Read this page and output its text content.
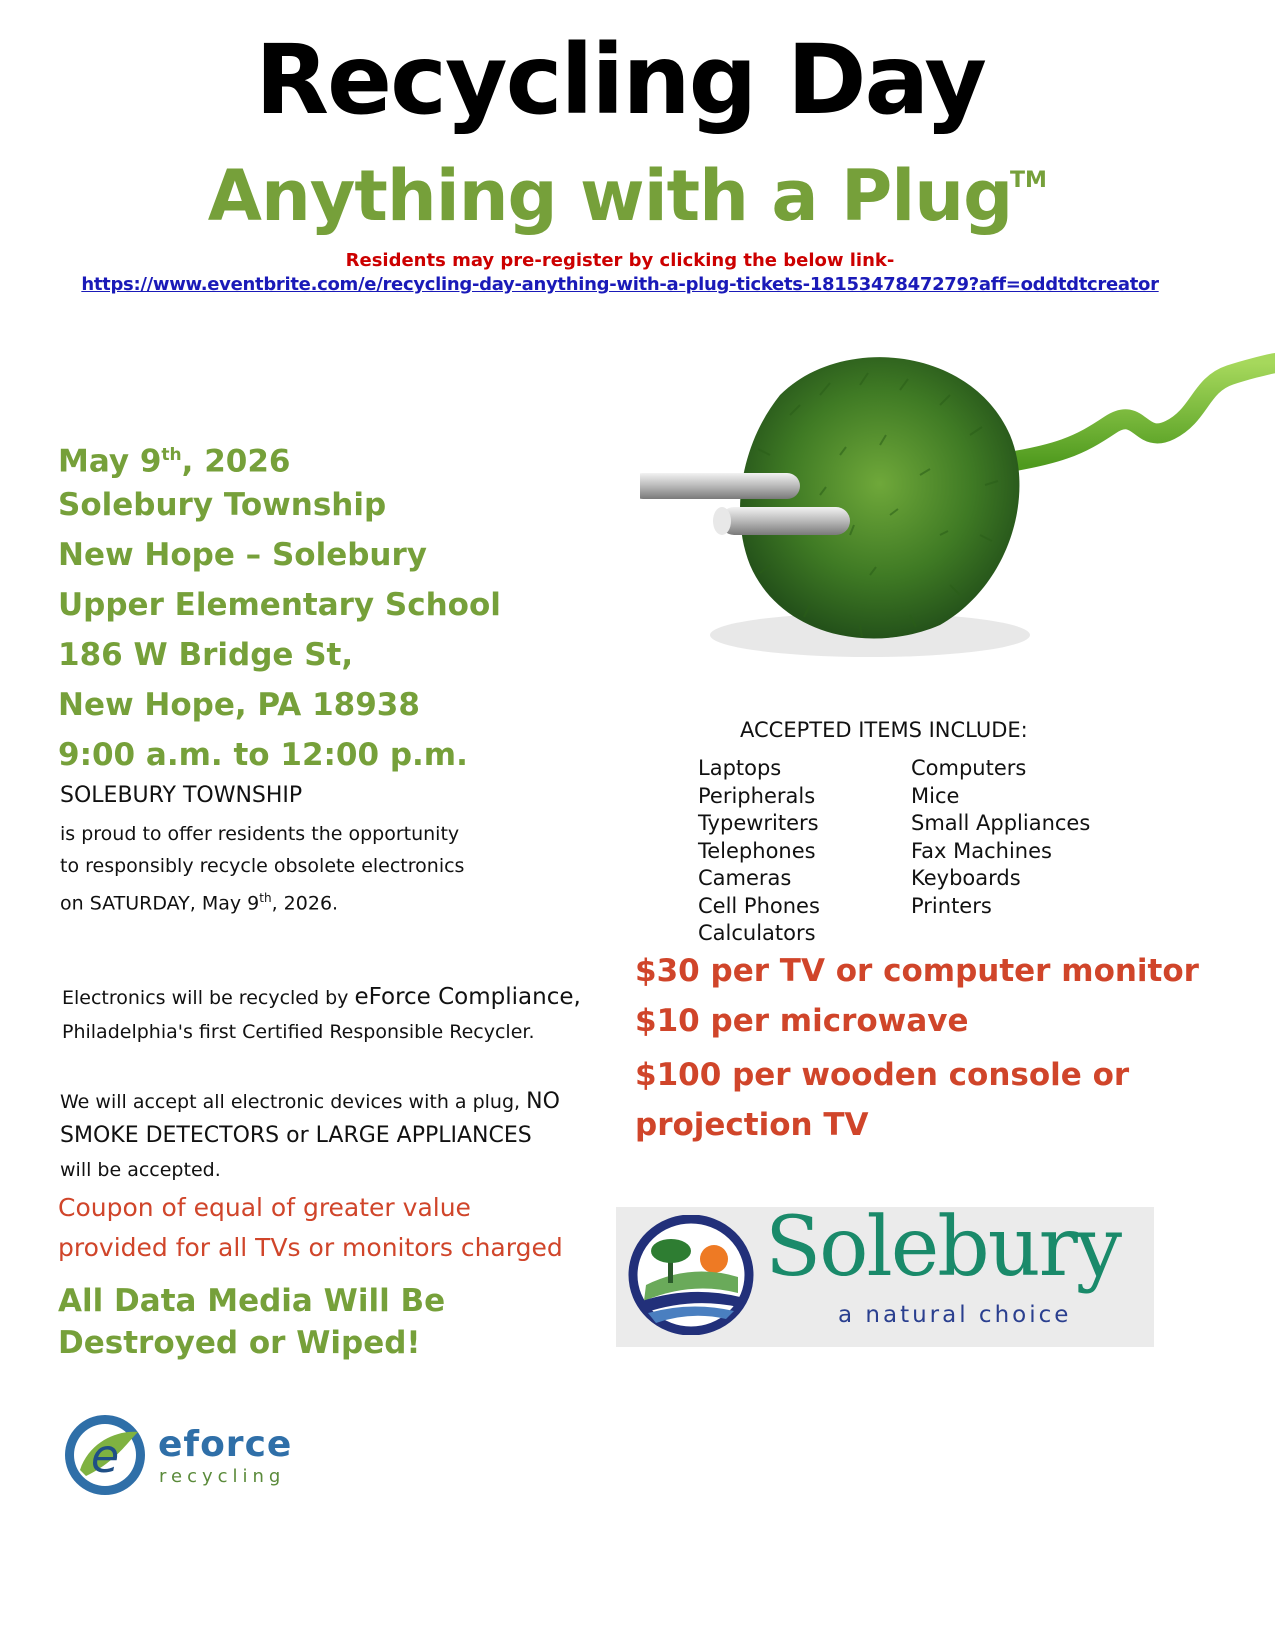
Recycling Day
Anything with a Plug
TM
Residents may pre-register by clicking the below link-
https://www.eventbrite.com/e/recycling-day-anything-with-a-plug-tickets-1815347847279?aff=oddtdtcreator
May 9th, 2026
Solebury Township
New Hope – Solebury
Upper Elementary School
186 W Bridge St,
New Hope, PA 18938
9:00 a.m. to 12:00 p.m.
SOLEBURY TOWNSHIP
is proud to offer residents the opportunity
to responsibly recycle obsolete electronics
on SATURDAY, May 9th, 2026.
Electronics will be recycled by eForce Compliance,
Philadelphia's first Certified Responsible Recycler.
We will accept all electronic devices with a plug, NO
SMOKE DETECTORS or LARGE APPLIANCES
will be accepted.
Coupon of equal of greater value
provided for all TVs or monitors charged
All Data Media Will Be
Destroyed or Wiped!
e eforce
recycling
ACCEPTED ITEMS INCLUDE:
Laptops
Peripherals
Typewriters
Telephones
Cameras
Cell Phones
Calculators
Computers
Mice
Small Appliances
Fax Machines
Keyboards
Printers
$30 per TV or computer monitor
$10 per microwave
$100 per wooden console or
projection TV
Solebury
a natural choice
